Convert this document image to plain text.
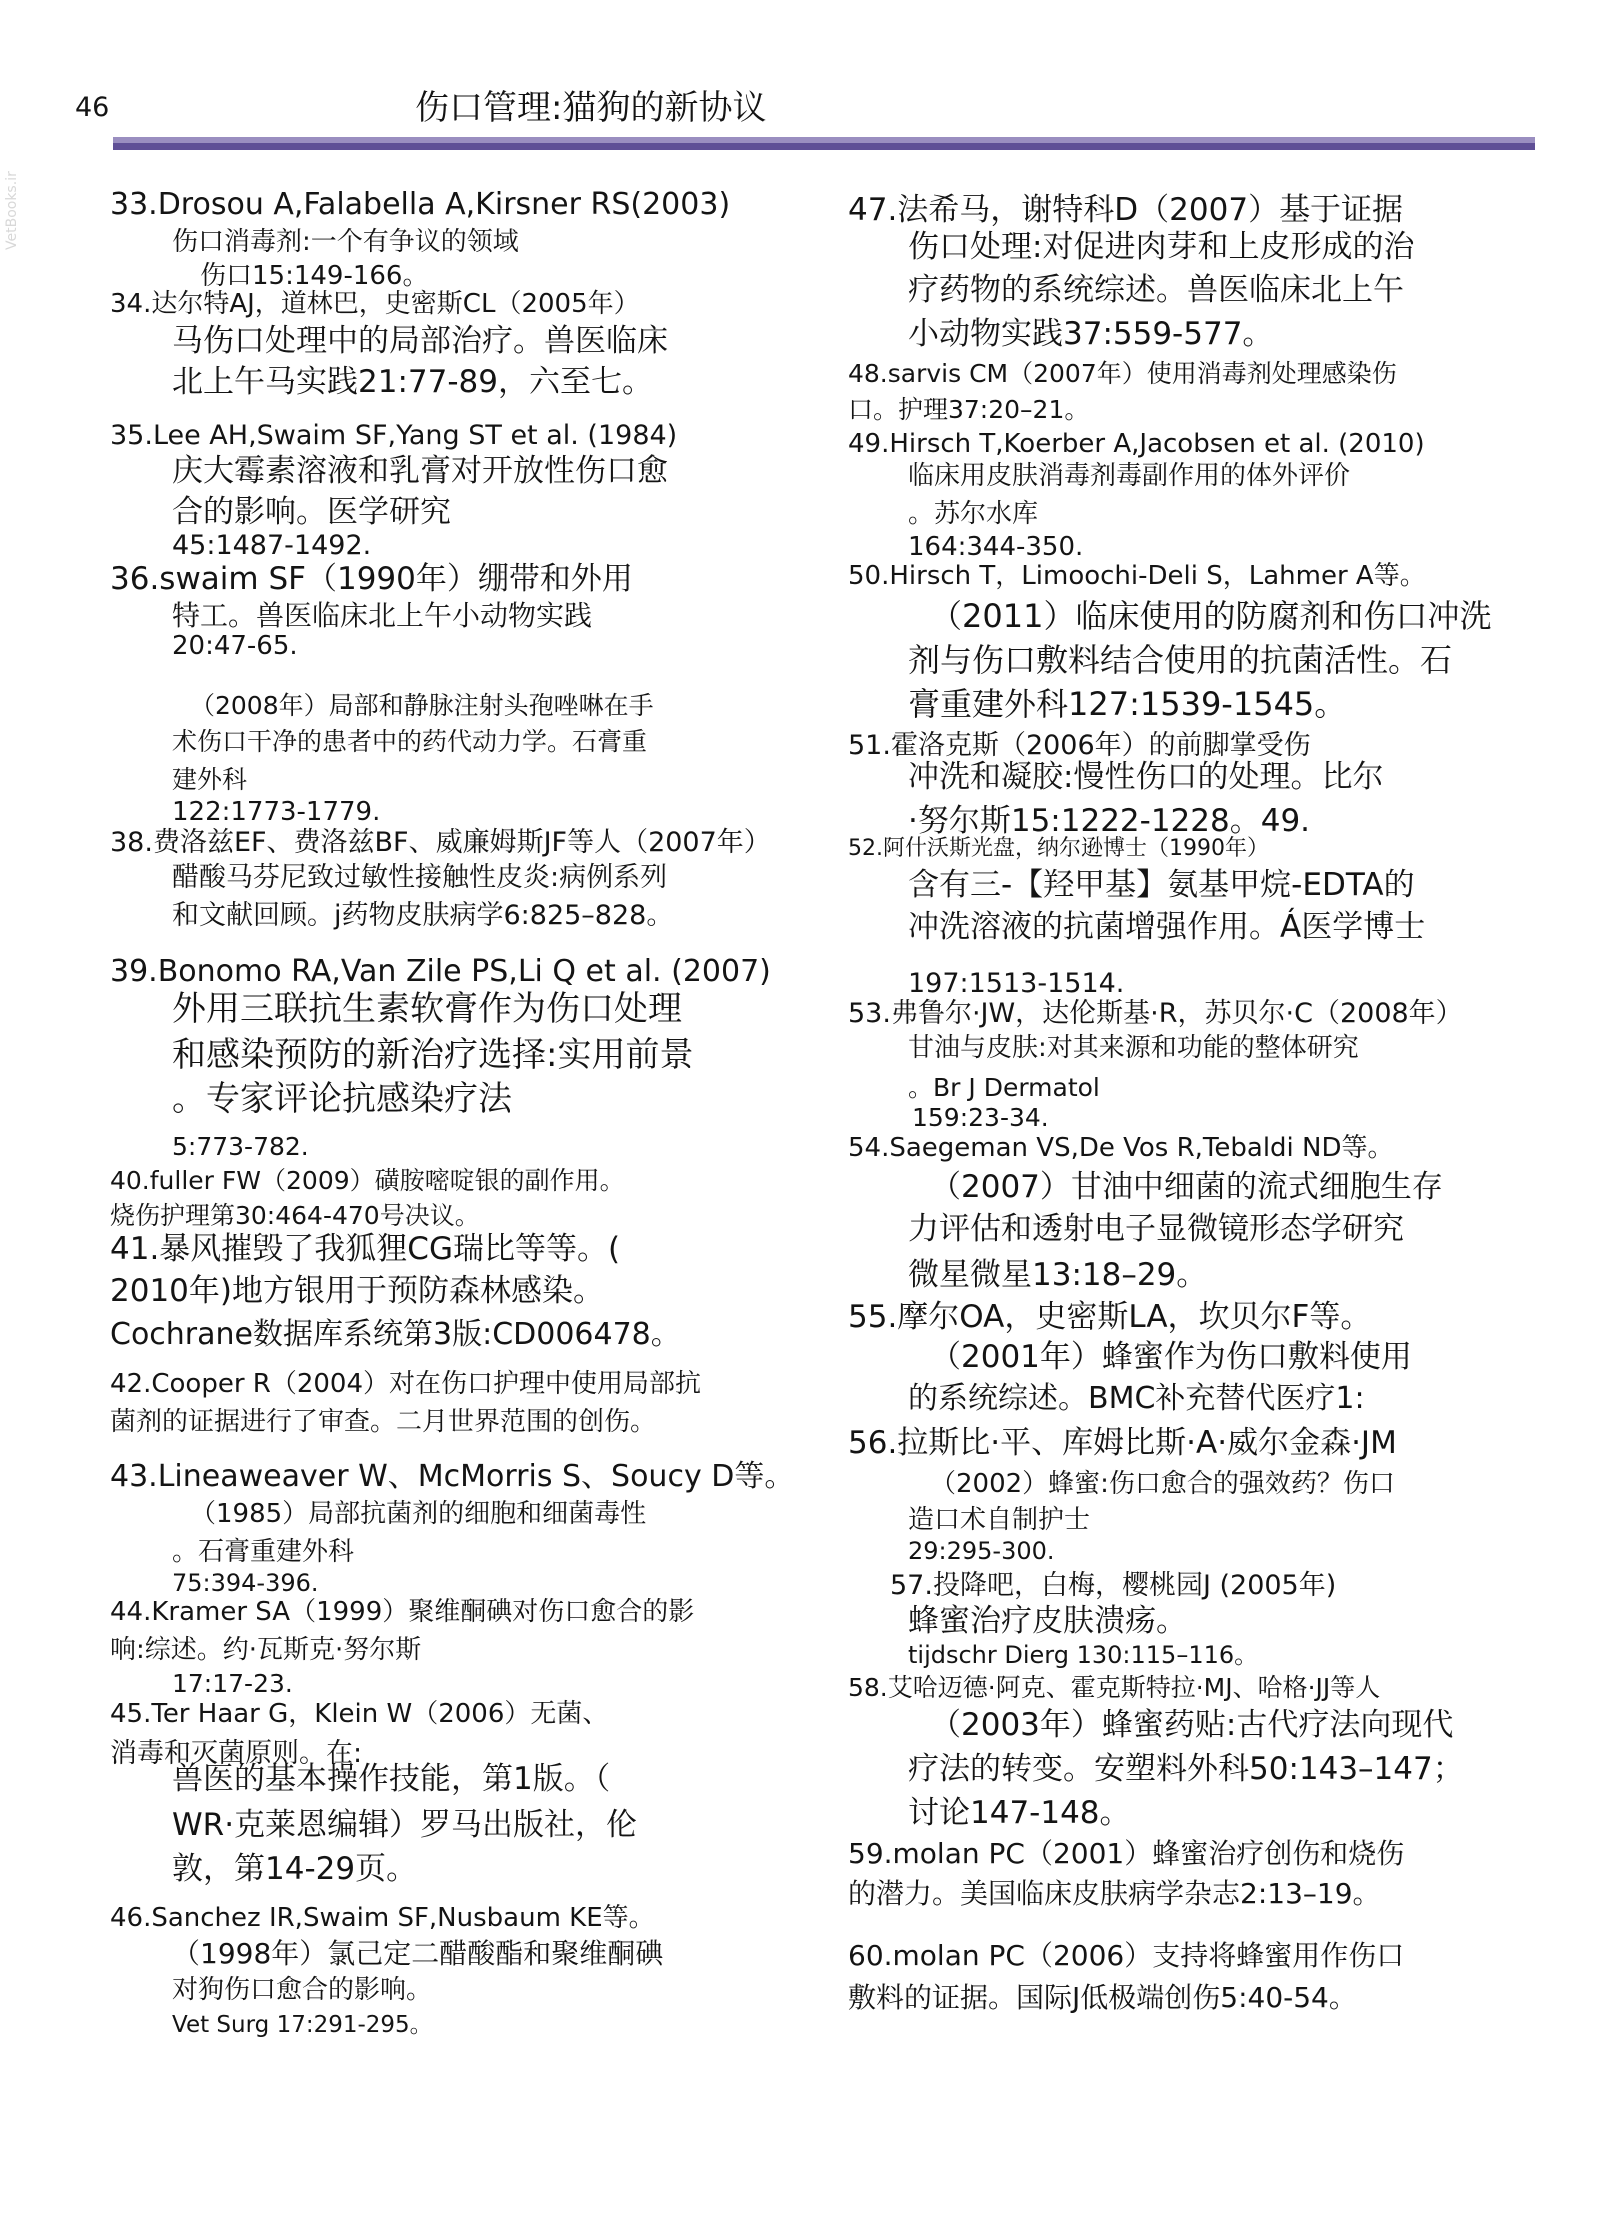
46	伤口管理:猫狗的新协议
VetBooks.ir	33.Drosou A,Falabella A,Kirsner RS(2003)
伤口消毒剂:一个有争议的领域
伤口15:149-166。
34.达尔特AJ，道林巴，史密斯CL（2005年）
马伤口处理中的局部治疗。兽医临床
北上午马实践21:77-89，六至七。
35.Lee AH,Swaim SF,Yang ST et al. (1984)
庆大霉素溶液和乳膏对开放性伤口愈
合的影响。医学研究
45:1487-1492.
36.swaim SF（1990年）绷带和外用
特工。兽医临床北上午小动物实践
20:47-65.
（2008年）局部和静脉注射头孢唑啉在手
术伤口干净的患者中的药代动力学。石膏重
建外科
122:1773-1779.
38.费洛兹EF、费洛兹BF、威廉姆斯JF等人（2007年）
醋酸马芬尼致过敏性接触性皮炎:病例系列
和文献回顾。j药物皮肤病学6:825–828。
39.Bonomo RA,Van Zile PS,Li Q et al. (2007)
外用三联抗生素软膏作为伤口处理
和感染预防的新治疗选择:实用前景
。专家评论抗感染疗法
5:773-782.
40.fuller FW（2009）磺胺嘧啶银的副作用。
烧伤护理第30:464-470号决议。
41.暴风摧毁了我狐狸CG瑞比等等。(
2010年)地方银用于预防森林感染。
Cochrane数据库系统第3版:CD006478。
42.Cooper R（2004）对在伤口护理中使用局部抗
菌剂的证据进行了审查。二月世界范围的创伤。
43.Lineaweaver W、McMorris S、Soucy D等。
（1985）局部抗菌剂的细胞和细菌毒性
。石膏重建外科
75:394-396.
44.Kramer SA（1999）聚维酮碘对伤口愈合的影
响:综述。约·瓦斯克·努尔斯
17:17-23.
45.Ter Haar G，Klein W（2006）无菌、
消毒和灭菌原则。在:
兽医的基本操作技能，第1版。（
WR·克莱恩编辑）罗马出版社，伦
敦，第14-29页。
46.Sanchez IR,Swaim SF,Nusbaum KE等。
（1998年）氯己定二醋酸酯和聚维酮碘
对狗伤口愈合的影响。
Vet Surg 17:291-295。
47.法希马，谢特科D（2007）基于证据
伤口处理:对促进肉芽和上皮形成的治
疗药物的系统综述。兽医临床北上午
小动物实践37:559-577。
48.sarvis CM（2007年）使用消毒剂处理感染伤
口。护理37:20–21。
49.Hirsch T,Koerber A,Jacobsen et al. (2010)
临床用皮肤消毒剂毒副作用的体外评价
。苏尔水库
164:344-350.
50.Hirsch T，Limoochi-Deli S，Lahmer A等。
（2011）临床使用的防腐剂和伤口冲洗
剂与伤口敷料结合使用的抗菌活性。石
膏重建外科127:1539-1545。
51.霍洛克斯（2006年）的前脚掌受伤
冲洗和凝胶:慢性伤口的处理。比尔
·努尔斯15:1222-1228。49.
52.阿什沃斯光盘，纳尔逊博士（1990年）
含有三-【羟甲基】氨基甲烷-EDTA的
冲洗溶液的抗菌增强作用。Á医学博士
197:1513-1514.
53.弗鲁尔·JW，达伦斯基·R，苏贝尔·C（2008年）
甘油与皮肤:对其来源和功能的整体研究
。Br J Dermatol
159:23-34.
54.Saegeman VS,De Vos R,Tebaldi ND等。
（2007）甘油中细菌的流式细胞生存
力评估和透射电子显微镜形态学研究
微星微星13:18–29。
55.摩尔OA，史密斯LA，坎贝尔F等。
（2001年）蜂蜜作为伤口敷料使用
的系统综述。BMC补充替代医疗1:
56.拉斯比·平、库姆比斯·A·威尔金森·JM
（2002）蜂蜜:伤口愈合的强效药？伤口
造口术自制护士
29:295-300.
57.投降吧，白梅，樱桃园J (2005年)
蜂蜜治疗皮肤溃疡。
tijdschr Dierg 130:115–116。
58.艾哈迈德·阿克、霍克斯特拉·MJ、哈格·JJ等人
（2003年）蜂蜜药贴:古代疗法向现代
疗法的转变。安塑料外科50:143–147；
讨论147-148。
59.molan PC（2001）蜂蜜治疗创伤和烧伤
的潜力。美国临床皮肤病学杂志2:13–19。
60.molan PC（2006）支持将蜂蜜用作伤口
敷料的证据。国际J低极端创伤5:40-54。
